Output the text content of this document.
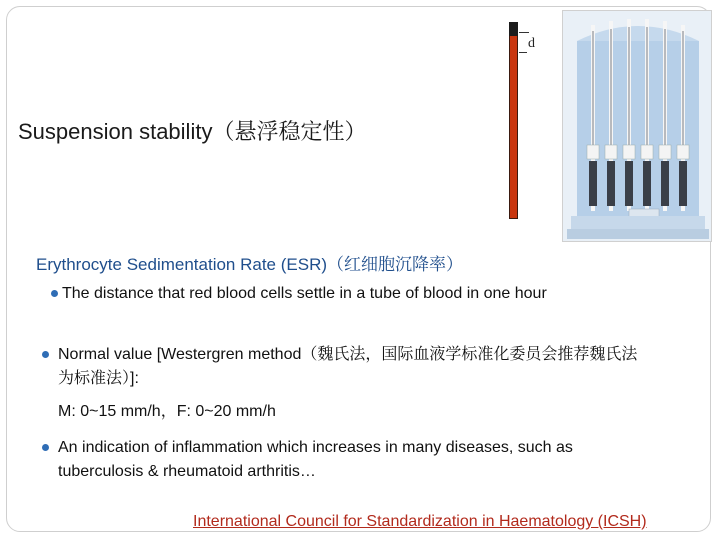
d
Suspension stability（悬浮稳定性）
Erythrocyte Sedimentation Rate (ESR)（红细胞沉降率）
The distance that red blood cells settle in a tube of blood in one hour
Normal value [Westergren method（魏氏法，国际血液学标准化委员会推荐魏氏法为标准法）]:
M: 0~15 mm/h，F: 0~20 mm/h
An indication of inflammation which increases in many diseases, such as tuberculosis & rheumatoid arthritis…
International Council for Standardization in Haematology (ICSH)
